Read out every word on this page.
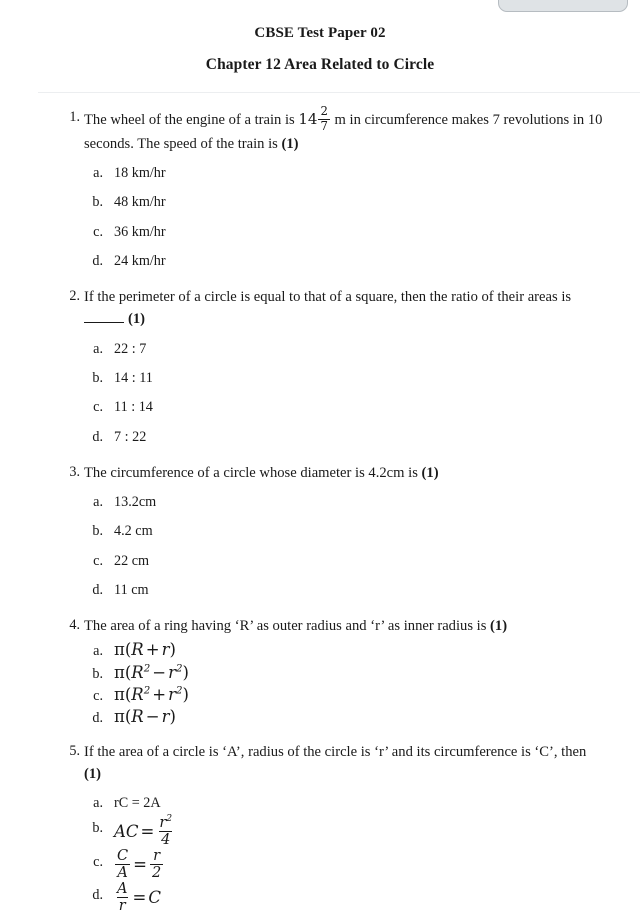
CBSE Test Paper 02
Chapter 12 Area Related to Circle
1. The wheel of the engine of a train is $14 \frac{2}{7}$ m in circumference makes 7 revolutions in 10 seconds. The speed of the train is (1)
a. 18 km/hr
b. 48 km/hr
c. 36 km/hr
d. 24 km/hr
2. If the perimeter of a circle is equal to that of a square, then the ratio of their areas is (1)
a. 22 : 7
b. 14 : 11
c. 11 : 14
d. 7 : 22
3. The circumference of a circle whose diameter is 4.2cm is (1)
a. 13.2cm
b. 4.2 cm
c. 22 cm
d. 11 cm
4. The area of a ring having ‘R’ as outer radius and ‘r’ as inner radius is (1)
a. π(R + r)
b. $\pi(R^2 - r^2)$
c. $\pi(R^2 + r^2)$
d. π(R − r)
5. If the area of a circle is ‘A’, radius of the circle is ‘r’ and its circumference is ‘C’, then (1)
a. rC = 2A
b. AC = $\frac{r^2}{4}$
c. $\frac{C}{A} = \frac{r}{2}$
d. $\frac{A}{r} = C$
